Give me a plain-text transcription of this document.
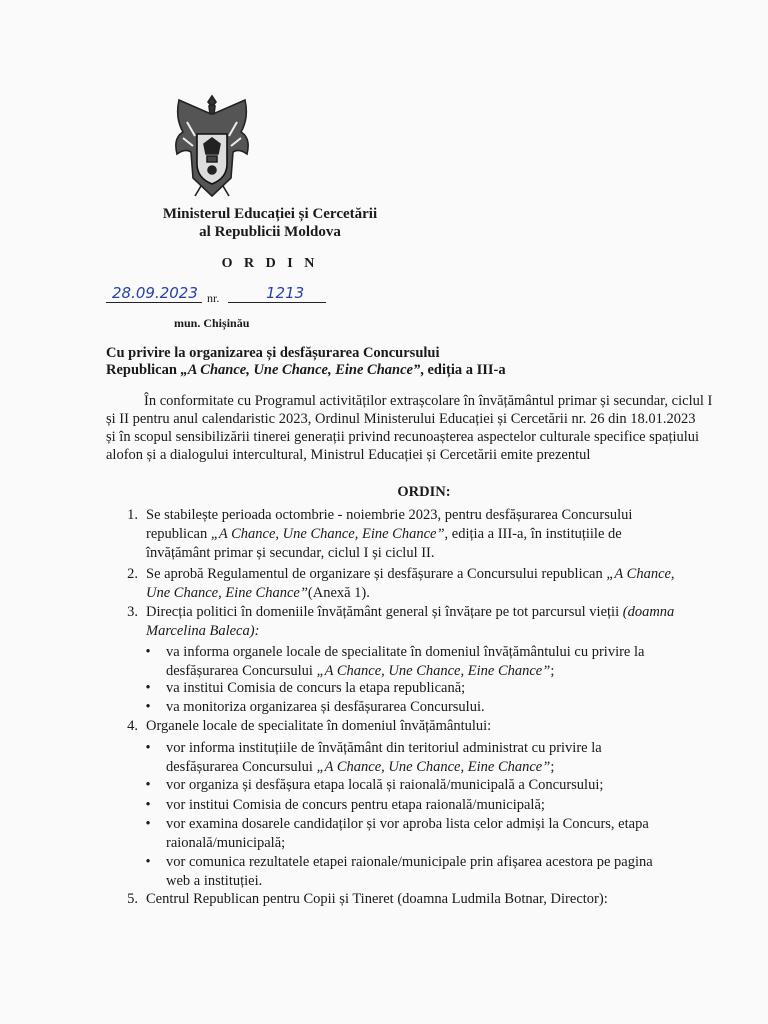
Ministerul Educației și Cercetării
al Republicii Moldova
O R D I N
28.09.2023 nr.	1213
mun. Chișinău
Cu privire la organizarea și desfășurarea Concursului
Republican „A Chance, Une Chance, Eine Chance”, ediția a III-a
În conformitate cu Programul activităților extrașcolare în învățământul primar și secundar, ciclul I
și II pentru anul calendaristic 2023, Ordinul Ministerului Educației și Cercetării nr. 26 din 18.01.2023
și în scopul sensibilizării tinerei generații privind recunoașterea aspectelor culturale specifice spațiului
alofon și a dialogului intercultural, Ministrul Educației și Cercetării emite prezentul
ORDIN:
1. Se stabilește perioada octombrie - noiembrie 2023, pentru desfășurarea Concursului
republican „A Chance, Une Chance, Eine Chance”, ediția a III-a, în instituțiile de
învățământ primar și secundar, ciclul I și ciclul II.
2. Se aprobă Regulamentul de organizare și desfășurare a Concursului republican „A Chance,
Une Chance, Eine Chance”(Anexă 1).
3. Direcția politici în domeniile învățământ general și învățare pe tot parcursul vieții (doamna
Marcelina Baleca):
• va informa organele locale de specialitate în domeniul învățământului cu privire la
desfășurarea Concursului „A Chance, Une Chance, Eine Chance”;
• va institui Comisia de concurs la etapa republicană;
• va monitoriza organizarea și desfășurarea Concursului.
4. Organele locale de specialitate în domeniul învățământului:
• vor informa instituțiile de învățământ din teritoriul administrat cu privire la
desfășurarea Concursului „A Chance, Une Chance, Eine Chance”;
• vor organiza și desfășura etapa locală și raională/municipală a Concursului;
• vor institui Comisia de concurs pentru etapa raională/municipală;
• vor examina dosarele candidaților și vor aproba lista celor admiși la Concurs, etapa
raională/municipală;
• vor comunica rezultatele etapei raionale/municipale prin afișarea acestora pe pagina
web a instituției.
5. Centrul Republican pentru Copii și Tineret (doamna Ludmila Botnar, Director):
